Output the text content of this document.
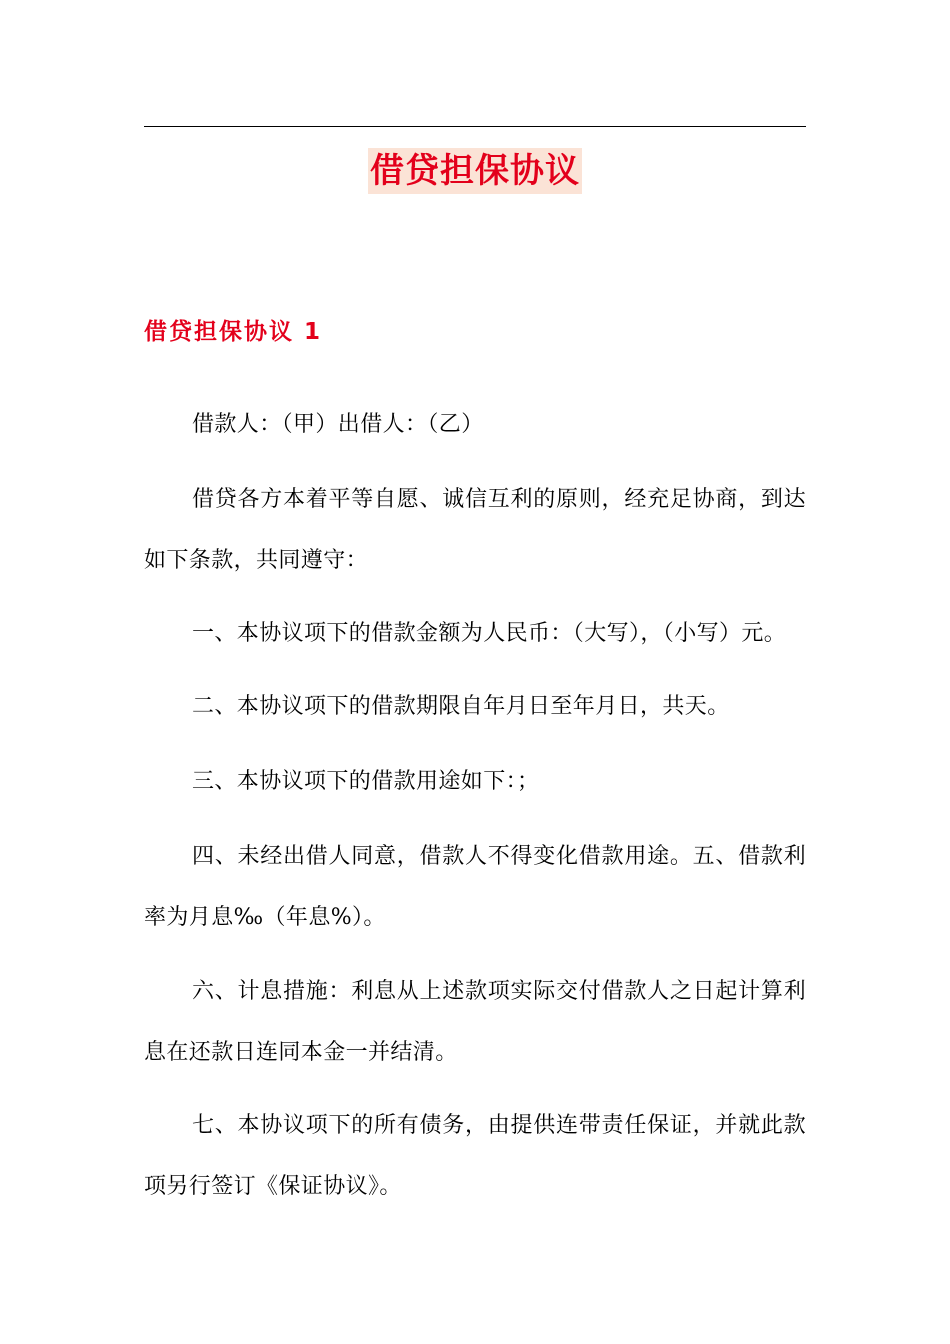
借贷担保协议
借贷担保协议 1

借款人：（甲）出借人：（乙）

借贷各方本着平等自愿、诚信互利的原则，经充足协商，到达如下条款，共同遵守：

一、本协议项下的借款金额为人民币：（大写），（小写）元。

二、本协议项下的借款期限自年月日至年月日，共天。

三、本协议项下的借款用途如下：；

四、未经出借人同意，借款人不得变化借款用途。五、借款利率为月息‰（年息%）。

六、计息措施：利息从上述款项实际交付借款人之日起计算利息在还款日连同本金一并结清。

七、本协议项下的所有债务，由提供连带责任保证，并就此款项另行签订《保证协议》。
